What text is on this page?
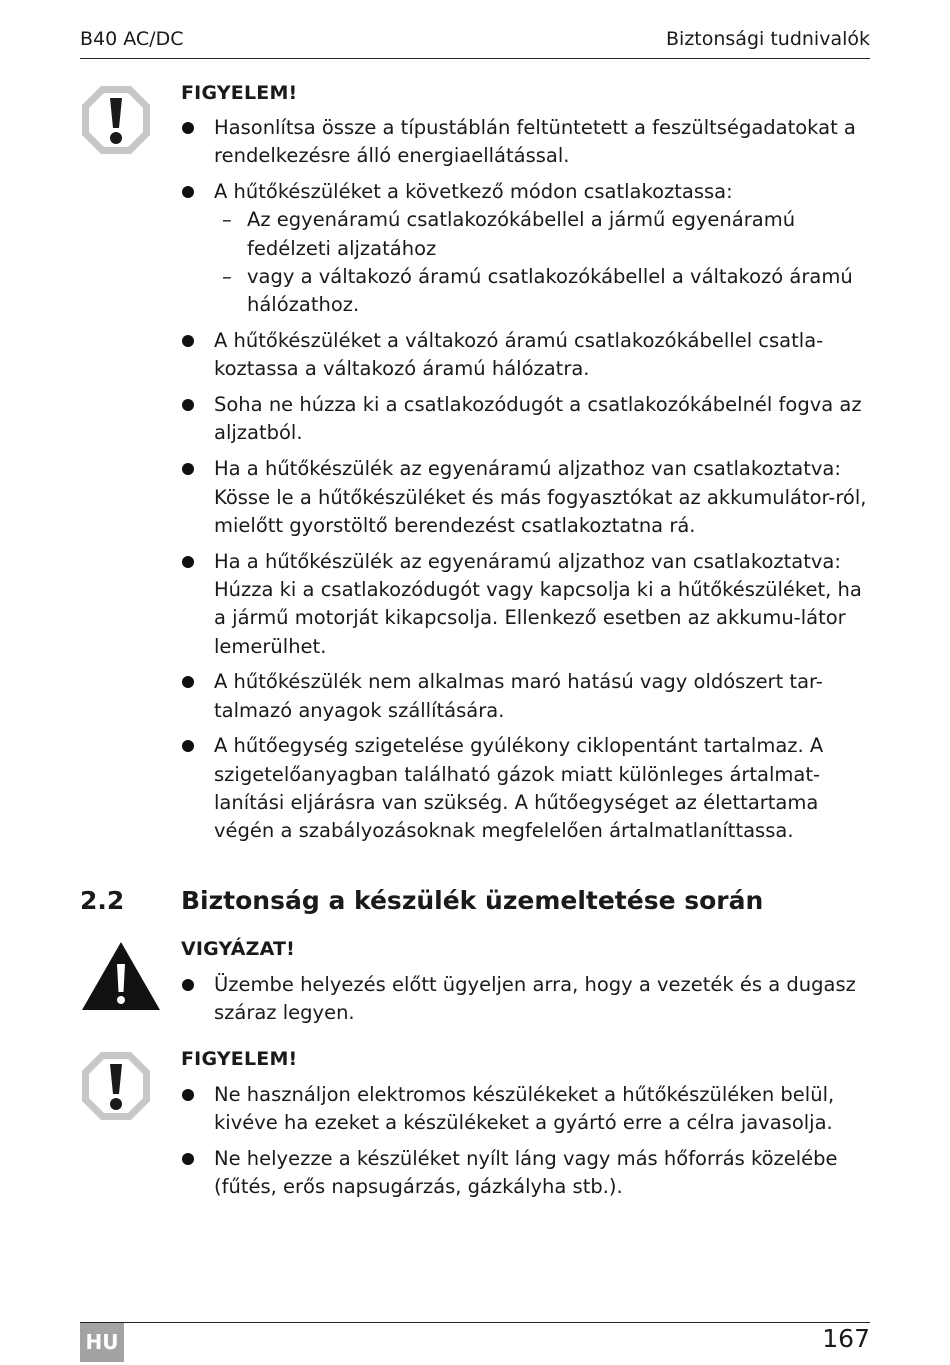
B40 AC/DC	Biztonsági tudnivalók
FIGYELEM!
Hasonlítsa össze a típustáblán feltüntetett a feszültségadatokat a rendelkezésre álló energiaellátással.
A hűtőkészüléket a következő módon csatlakoztassa:
– Az egyenáramú csatlakozókábellel a jármű egyenáramú fedélzeti aljzatához
– vagy a váltakozó áramú csatlakozókábellel a váltakozó áramú hálózathoz.
A hűtőkészüléket a váltakozó áramú csatlakozókábellel csatla-koztassa a váltakozó áramú hálózatra.
Soha ne húzza ki a csatlakozódugót a csatlakozókábelnél fogva az aljzatból.
Ha a hűtőkészülék az egyenáramú aljzathoz van csatlakoztatva: Kösse le a hűtőkészüléket és más fogyasztókat az akkumulátor-ról, mielőtt gyorstöltő berendezést csatlakoztatna rá.
Ha a hűtőkészülék az egyenáramú aljzathoz van csatlakoztatva: Húzza ki a csatlakozódugót vagy kapcsolja ki a hűtőkészüléket, ha a jármű motorját kikapcsolja. Ellenkező esetben az akkumu-látor lemerülhet.
A hűtőkészülék nem alkalmas maró hatású vagy oldószert tar-talmazó anyagok szállítására.
A hűtőegység szigetelése gyúlékony ciklopentánt tartalmaz. A szigetelőanyagban található gázok miatt különleges ártalmat-lanítási eljárásra van szükség. A hűtőegységet az élettartama végén a szabályozásoknak megfelelően ártalmatlaníttassa.
2.2 Biztonság a készülék üzemeltetése során
VIGYÁZAT!
Üzembe helyezés előtt ügyeljen arra, hogy a vezeték és a dugasz száraz legyen.
FIGYELEM!
Ne használjon elektromos készülékeket a hűtőkészüléken belül, kivéve ha ezeket a készülékeket a gyártó erre a célra javasolja.
Ne helyezze a készüléket nyílt láng vagy más hőforrás közelébe (fűtés, erős napsugárzás, gázkályha stb.).
HU	167
